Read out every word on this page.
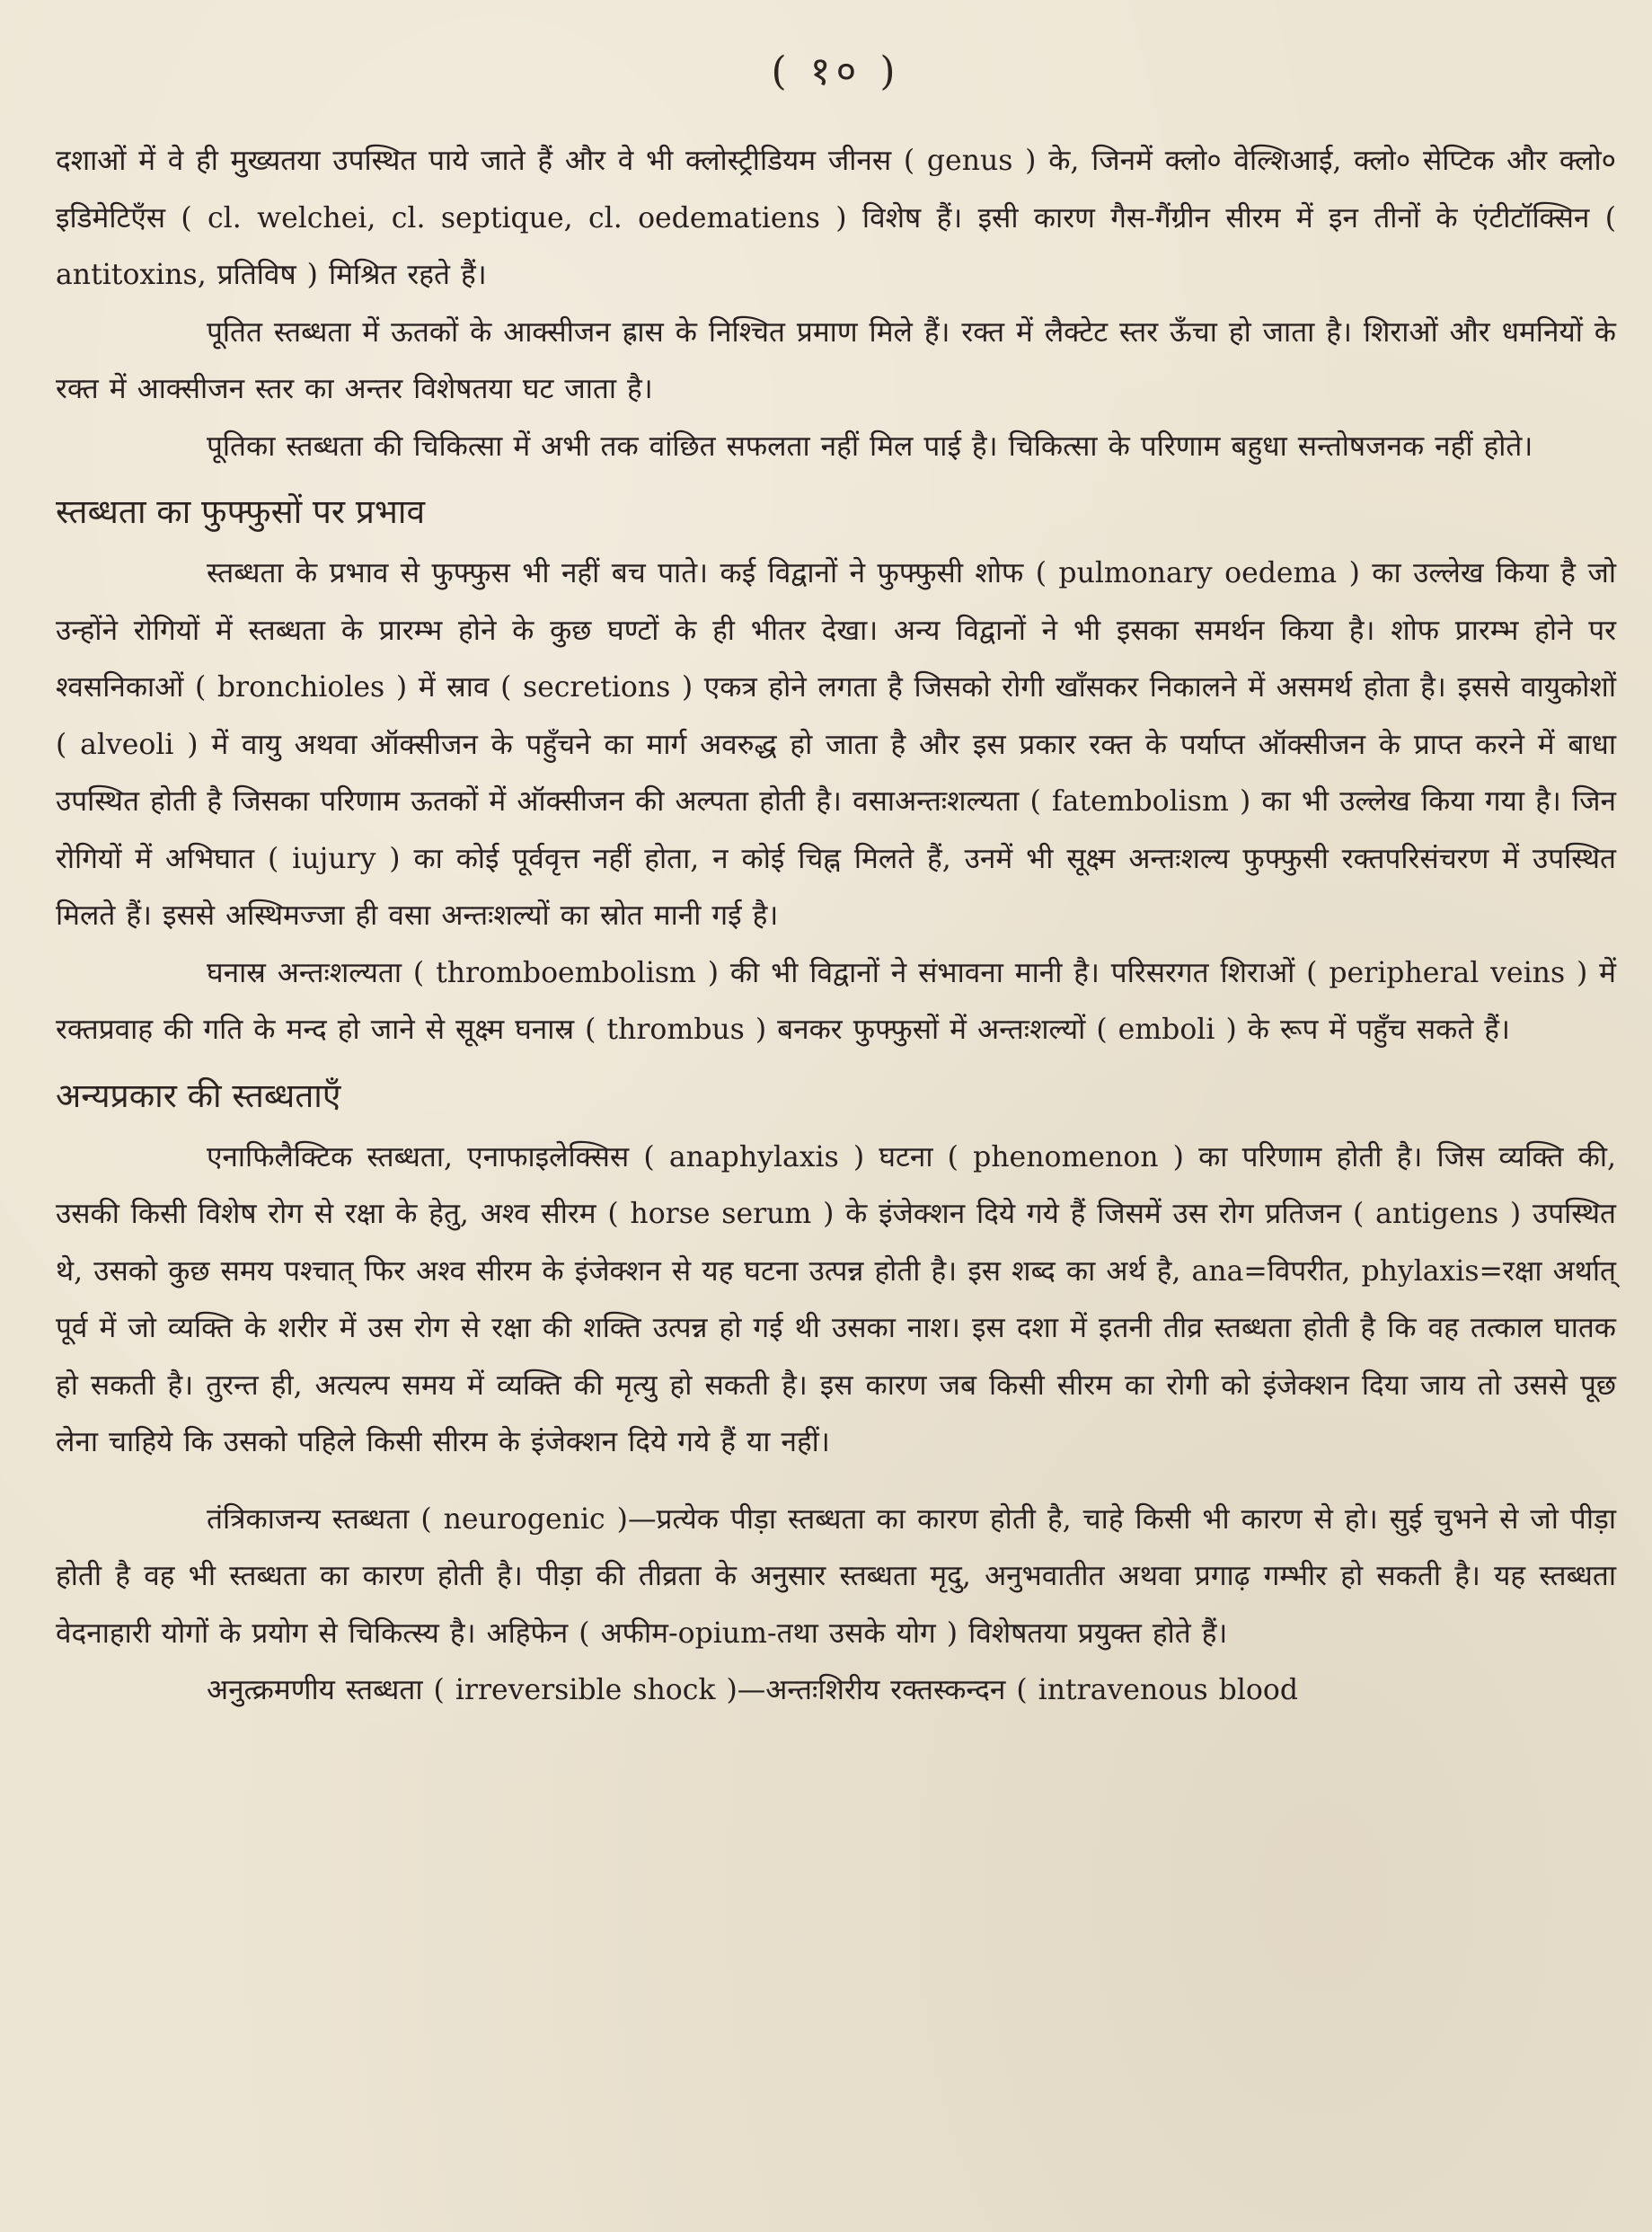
( १० )

दशाओं में वे ही मुख्यतया उपस्थित पाये जाते हैं और वे भी क्लोस्ट्रीडियम जीनस ( genus ) के, जिनमें क्लो० वेल्शिआई, क्लो० सेप्टिक और क्लो० इडिमेटिएँस ( cl. welchei, cl. septique, cl. oedematiens ) विशेष हैं। इसी कारण गैस-गैंग्रीन सीरम में इन तीनों के एंटीटॉक्सिन ( antitoxins, प्रतिविष ) मिश्रित रहते हैं।

पूतित स्तब्धता में ऊतकों के आक्सीजन ह्रास के निश्चित प्रमाण मिले हैं। रक्त में लैक्टेट स्तर ऊँचा हो जाता है। शिराओं और धमनियों के रक्त में आक्सीजन स्तर का अन्तर विशेषतया घट जाता है।

पूतिका स्तब्धता की चिकित्सा में अभी तक वांछित सफलता नहीं मिल पाई है। चिकित्सा के परिणाम बहुधा सन्तोषजनक नहीं होते।

स्तब्धता का फुफ्फुसों पर प्रभाव

स्तब्धता के प्रभाव से फुफ्फुस भी नहीं बच पाते। कई विद्वानों ने फुफ्फुसी शोफ ( pulmonary oedema ) का उल्लेख किया है जो उन्होंने रोगियों में स्तब्धता के प्रारम्भ होने के कुछ घण्टों के ही भीतर देखा। अन्य विद्वानों ने भी इसका समर्थन किया है। शोफ प्रारम्भ होने पर श्वसनिकाओं ( bronchioles ) में स्राव ( secretions ) एकत्र होने लगता है जिसको रोगी खाँसकर निकालने में असमर्थ होता है। इससे वायुकोशों ( alveoli ) में वायु अथवा ऑक्सीजन के पहुँचने का मार्ग अवरुद्ध हो जाता है और इस प्रकार रक्त के पर्याप्त ऑक्सीजन के प्राप्त करने में बाधा उपस्थित होती है जिसका परिणाम ऊतकों में ऑक्सीजन की अल्पता होती है। वसाअन्तःशल्यता ( fatembolism ) का भी उल्लेख किया गया है। जिन रोगियों में अभिघात ( iujury ) का कोई पूर्ववृत्त नहीं होता, न कोई चिह्न मिलते हैं, उनमें भी सूक्ष्म अन्तःशल्य फुफ्फुसी रक्तपरिसंचरण में उपस्थित मिलते हैं। इससे अस्थिमज्जा ही वसा अन्तःशल्यों का स्रोत मानी गई है।

घनास्र अन्तःशल्यता ( thromboembolism ) की भी विद्वानों ने संभावना मानी है। परिसरगत शिराओं ( peripheral veins ) में रक्तप्रवाह की गति के मन्द हो जाने से सूक्ष्म घनास्र ( thrombus ) बनकर फुफ्फुसों में अन्तःशल्यों ( emboli ) के रूप में पहुँच सकते हैं।

अन्यप्रकार की स्तब्धताएँ

एनाफिलैक्टिक स्तब्धता, एनाफाइलेक्सिस ( anaphylaxis ) घटना ( phenomenon ) का परिणाम होती है। जिस व्यक्ति की, उसकी किसी विशेष रोग से रक्षा के हेतु, अश्व सीरम ( horse serum ) के इंजेक्शन दिये गये हैं जिसमें उस रोग प्रतिजन ( antigens ) उपस्थित थे, उसको कुछ समय पश्चात् फिर अश्व सीरम के इंजेक्शन से यह घटना उत्पन्न होती है। इस शब्द का अर्थ है, ana=विपरीत, phylaxis=रक्षा अर्थात् पूर्व में जो व्यक्ति के शरीर में उस रोग से रक्षा की शक्ति उत्पन्न हो गई थी उसका नाश। इस दशा में इतनी तीव्र स्तब्धता होती है कि वह तत्काल घातक हो सकती है। तुरन्त ही, अत्यल्प समय में व्यक्ति की मृत्यु हो सकती है। इस कारण जब किसी सीरम का रोगी को इंजेक्शन दिया जाय तो उससे पूछ लेना चाहिये कि उसको पहिले किसी सीरम के इंजेक्शन दिये गये हैं या नहीं।

तंत्रिकाजन्य स्तब्धता ( neurogenic )—प्रत्येक पीड़ा स्तब्धता का कारण होती है, चाहे किसी भी कारण से हो। सुई चुभने से जो पीड़ा होती है वह भी स्तब्धता का कारण होती है। पीड़ा की तीव्रता के अनुसार स्तब्धता मृदु, अनुभवातीत अथवा प्रगाढ़ गम्भीर हो सकती है। यह स्तब्धता वेदनाहारी योगों के प्रयोग से चिकित्स्य है। अहिफेन ( अफीम-opium-तथा उसके योग ) विशेषतया प्रयुक्त होते हैं।

अनुत्क्रमणीय स्तब्धता ( irreversible shock )—अन्तःशिरीय रक्तस्कन्दन ( intravenous blood
